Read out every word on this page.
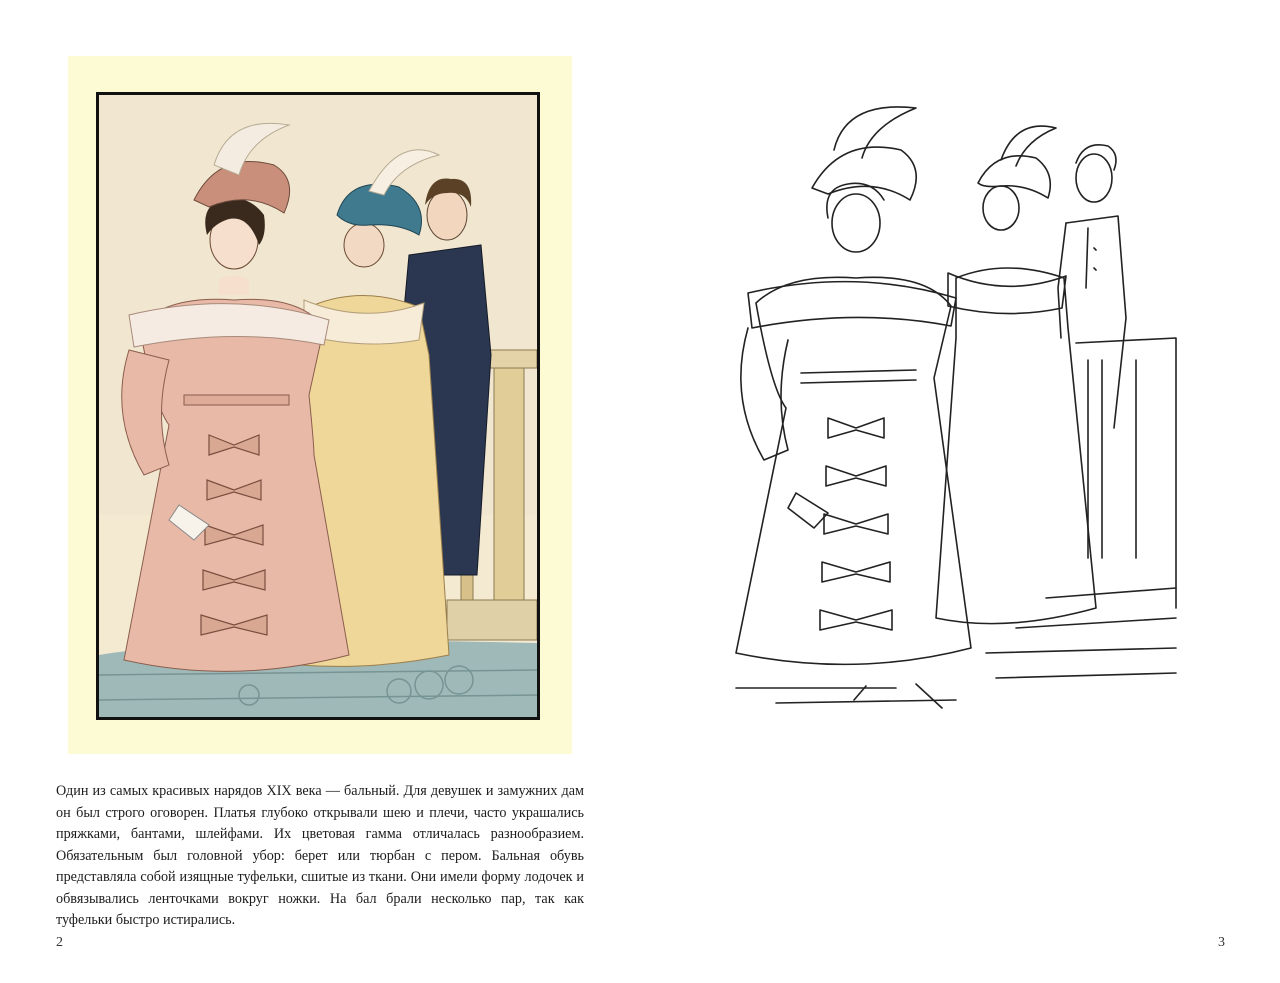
Один из самых красивых нарядов XIX века — бальный. Для девушек и замужних дам он был строго оговорен. Платья глубоко открывали шею и плечи, часто украшались пряжками, бантами, шлейфами. Их цветовая гамма отличалась разнообразием. Обязательным был головной убор: берет или тюрбан с пером. Бальная обувь представляла собой изящные туфельки, сшитые из ткани. Они имели форму лодочек и обвязывались ленточками вокруг ножки. На бал брали несколько пар, так как туфельки быстро истирались.

2	3
